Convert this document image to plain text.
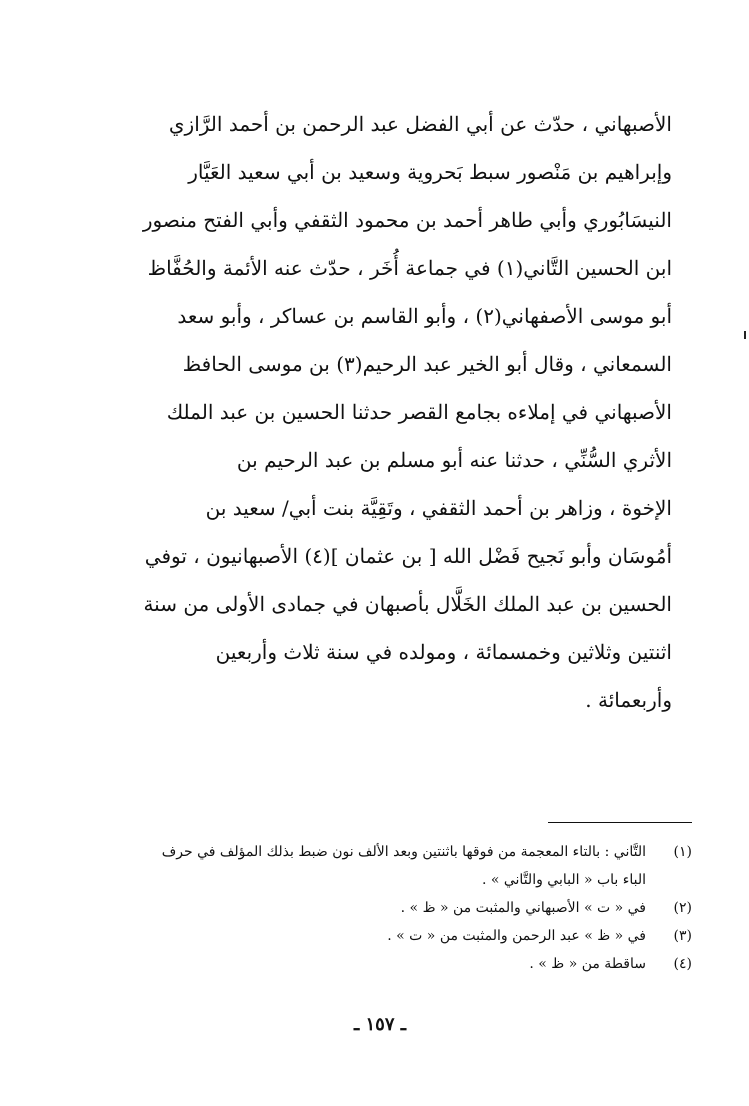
الأصبهاني ، حدّث عن أبي الفضل عبد الرحمن بن أحمد الرَّازي
وإبراهيم بن مَنْصور سبط بَحروية وسعيد بن أبي سعيد العَيَّار
النيسَابُوري وأبي طاهر أحمد بن محمود الثقفي وأبي الفتح منصور
ابن الحسين التَّاني(١) في جماعة أُخَر ، حدّث عنه الأئمة والحُفَّاظ
أبو موسى الأصفهاني(٢) ، وأبو القاسم بن عساكر ، وأبو سعد
السمعاني ، وقال أبو الخير عبد الرحيم(٣) بن موسى الحافظ
الأصبهاني في إملاءه بجامع القصر حدثنا الحسين بن عبد الملك
الأثري السُّنِّي ، حدثنا عنه أبو مسلم بن عبد الرحيم بن
الإخوة ، وزاهر بن أحمد الثقفي ، وتَقِيَّة بنت أبي/ سعيد بن
أمُوسَان وأبو نَجيح فَضْل الله [ بن عثمان ](٤) الأصبهانيون ، توفي
الحسين بن عبد الملك الخَلَّال بأصبهان في جمادى الأولى من سنة
اثنتين وثلاثين وخمسمائة ، ومولده في سنة ثلاث وأربعين
وأربعمائة .
(١)
التَّاني : بالتاء المعجمة من فوقها باثنتين وبعد الألف نون ضبط بذلك المؤلف في حرف
الباء باب « البابي والتَّاني » .
(٢)
في « ت » الأصبهاني والمثبت من « ظ » .
(٣)
في « ظ » عبد الرحمن والمثبت من « ت » .
(٤)
ساقطة من « ظ » .
ـ ١٥٧ ـ
